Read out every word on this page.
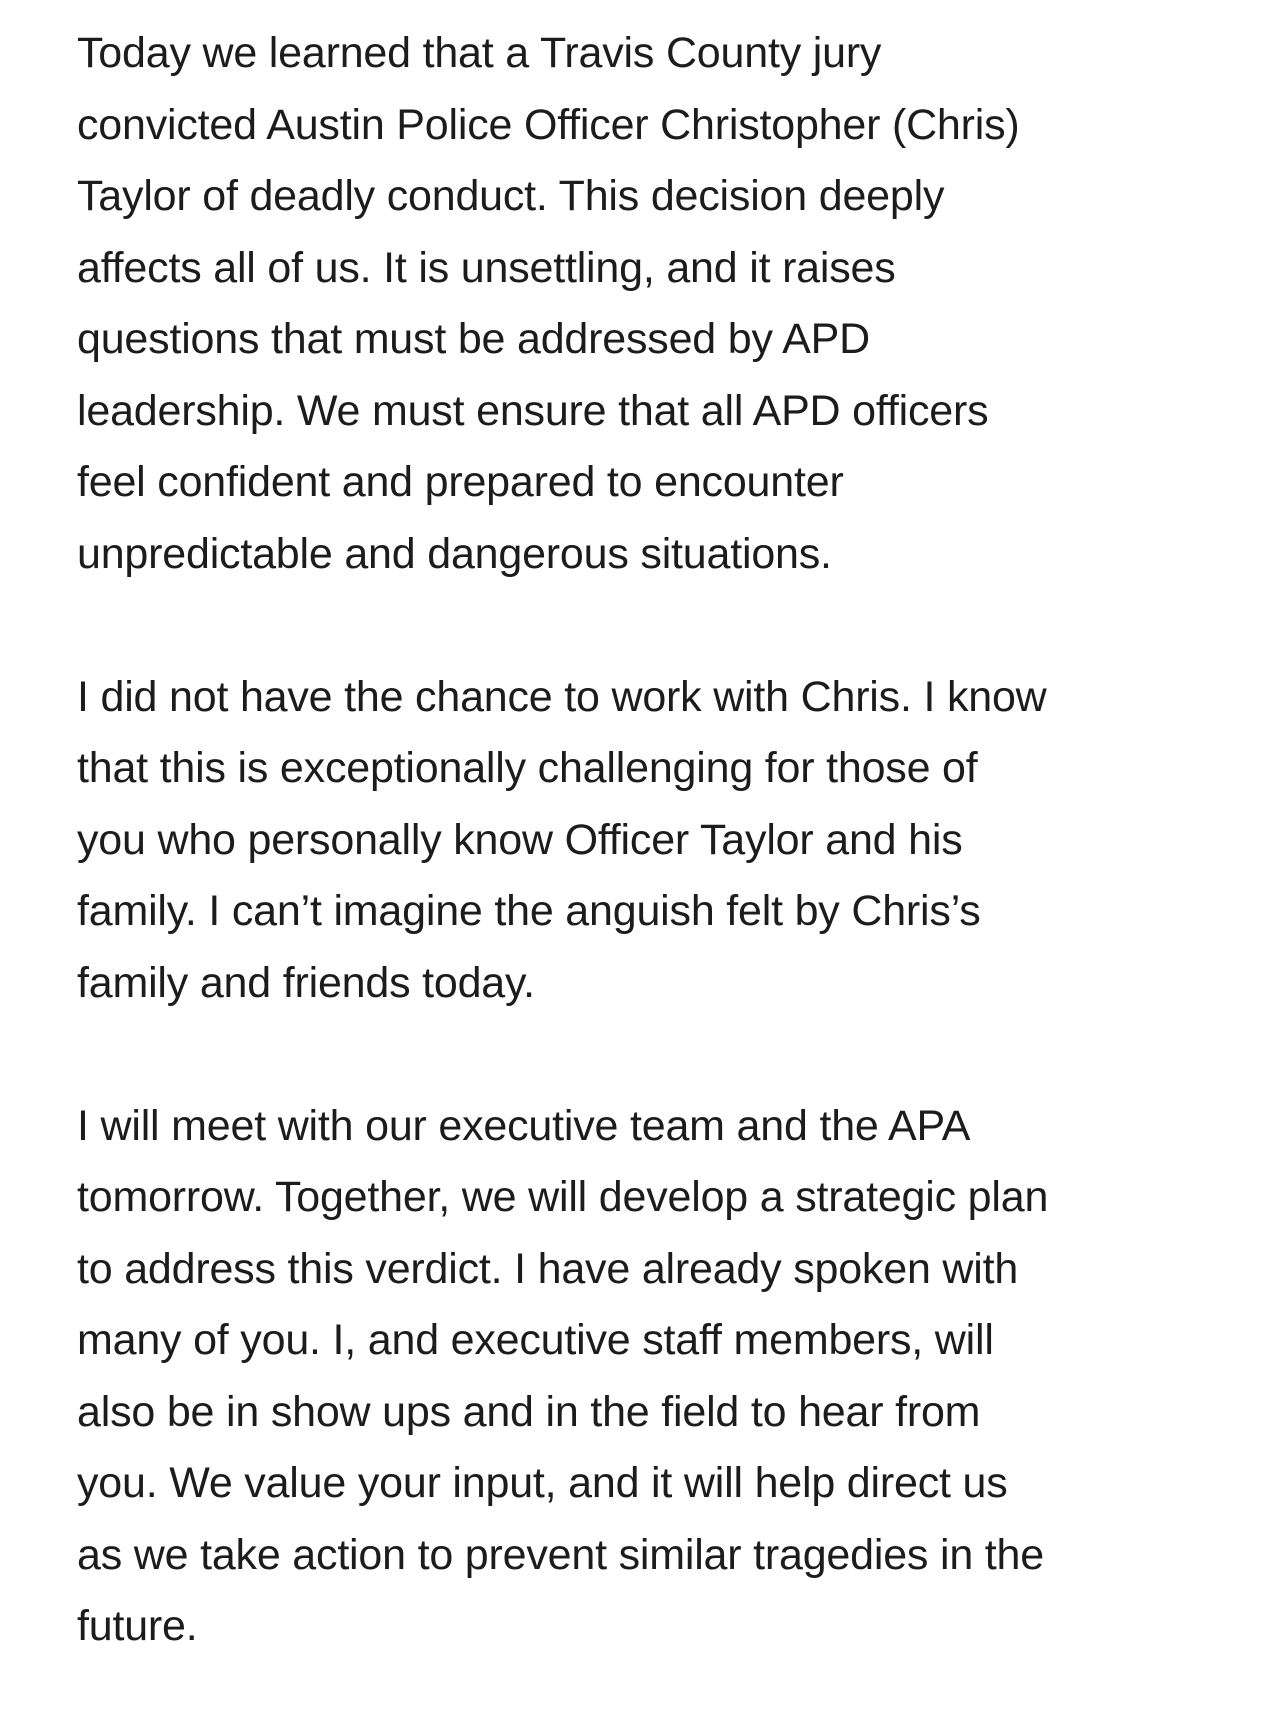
Today we learned that a Travis County jury
convicted Austin Police Officer Christopher (Chris)
Taylor of deadly conduct. This decision deeply
affects all of us. It is unsettling, and it raises
questions that must be addressed by APD
leadership. We must ensure that all APD officers
feel confident and prepared to encounter
unpredictable and dangerous situations.
I did not have the chance to work with Chris. I know
that this is exceptionally challenging for those of
you who personally know Officer Taylor and his
family. I can’t imagine the anguish felt by Chris’s
family and friends today.
I will meet with our executive team and the APA
tomorrow. Together, we will develop a strategic plan
to address this verdict. I have already spoken with
many of you. I, and executive staff members, will
also be in show ups and in the field to hear from
you. We value your input, and it will help direct us
as we take action to prevent similar tragedies in the
future.
